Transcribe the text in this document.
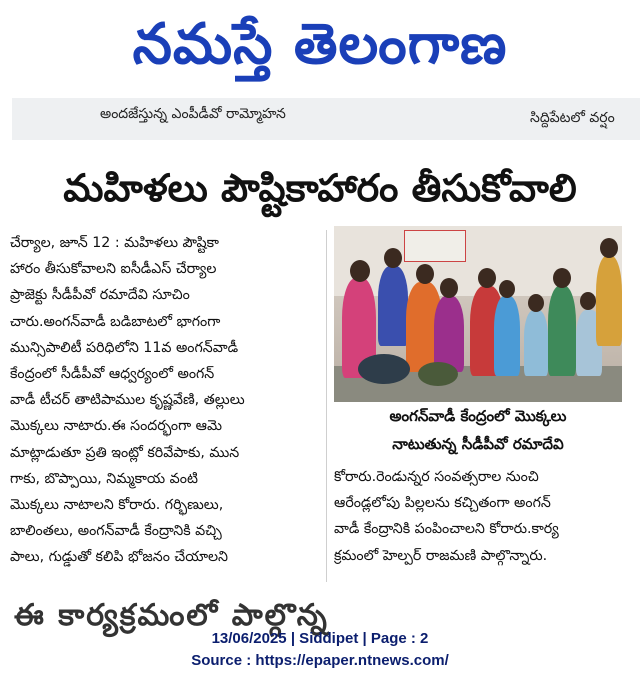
నమస్తే తెలంగాణ
అందజేస్తున్న ఎంపీడీవో రామ్మోహన	సిద్దిపేటలో వర్షం
మహిళలు పౌష్టికాహారం తీసుకోవాలి
చేర్యాల, జూన్ 12 : మహిళలు పౌష్టికా
హారం తీసుకోవాలని ఐసీడీఎస్ చేర్యాల
ప్రాజెక్టు సీడీపీవో రమాదేవి సూచిం
చారు.అంగన్‌వాడీ బడిబాటలో భాగంగా
మున్సిపాలిటీ పరిధిలోని 11వ అంగన్‌వాడీ
కేంద్రంలో సీడీపీవో ఆధ్వర్యంలో అంగన్
వాడీ టీచర్ తాటిపాముల కృష్ణవేణి, తల్లులు
మొక్కలు నాటారు.ఈ సందర్భంగా ఆమె
మాట్లాడుతూ ప్రతి ఇంట్లో కరివేపాకు, మున
గాకు, బొప్పాయి, నిమ్మకాయ వంటి
మొక్కలు నాటాలని కోరారు. గర్భిణులు,
బాలింతలు, అంగన్‌వాడీ కేంద్రానికి వచ్చి
పాలు, గుడ్డుతో కలిపి భోజనం చేయాలని
అంగన్‌వాడీ కేంద్రంలో మొక్కలు
నాటుతున్న సీడీపీవో రమాదేవి
కోరారు.రెండున్నర సంవత్సరాల నుంచి
ఆరేండ్లలోపు పిల్లలను కచ్చితంగా అంగన్
వాడీ కేంద్రానికి పంపించాలని కోరారు.కార్య
క్రమంలో హెల్పర్ రాజమణి పాల్గొన్నారు.
ఈ కార్యక్రమంలో పాల్గొన్న
13/06/2025 | Siddipet | Page : 2
Source : https://epaper.ntnews.com/
